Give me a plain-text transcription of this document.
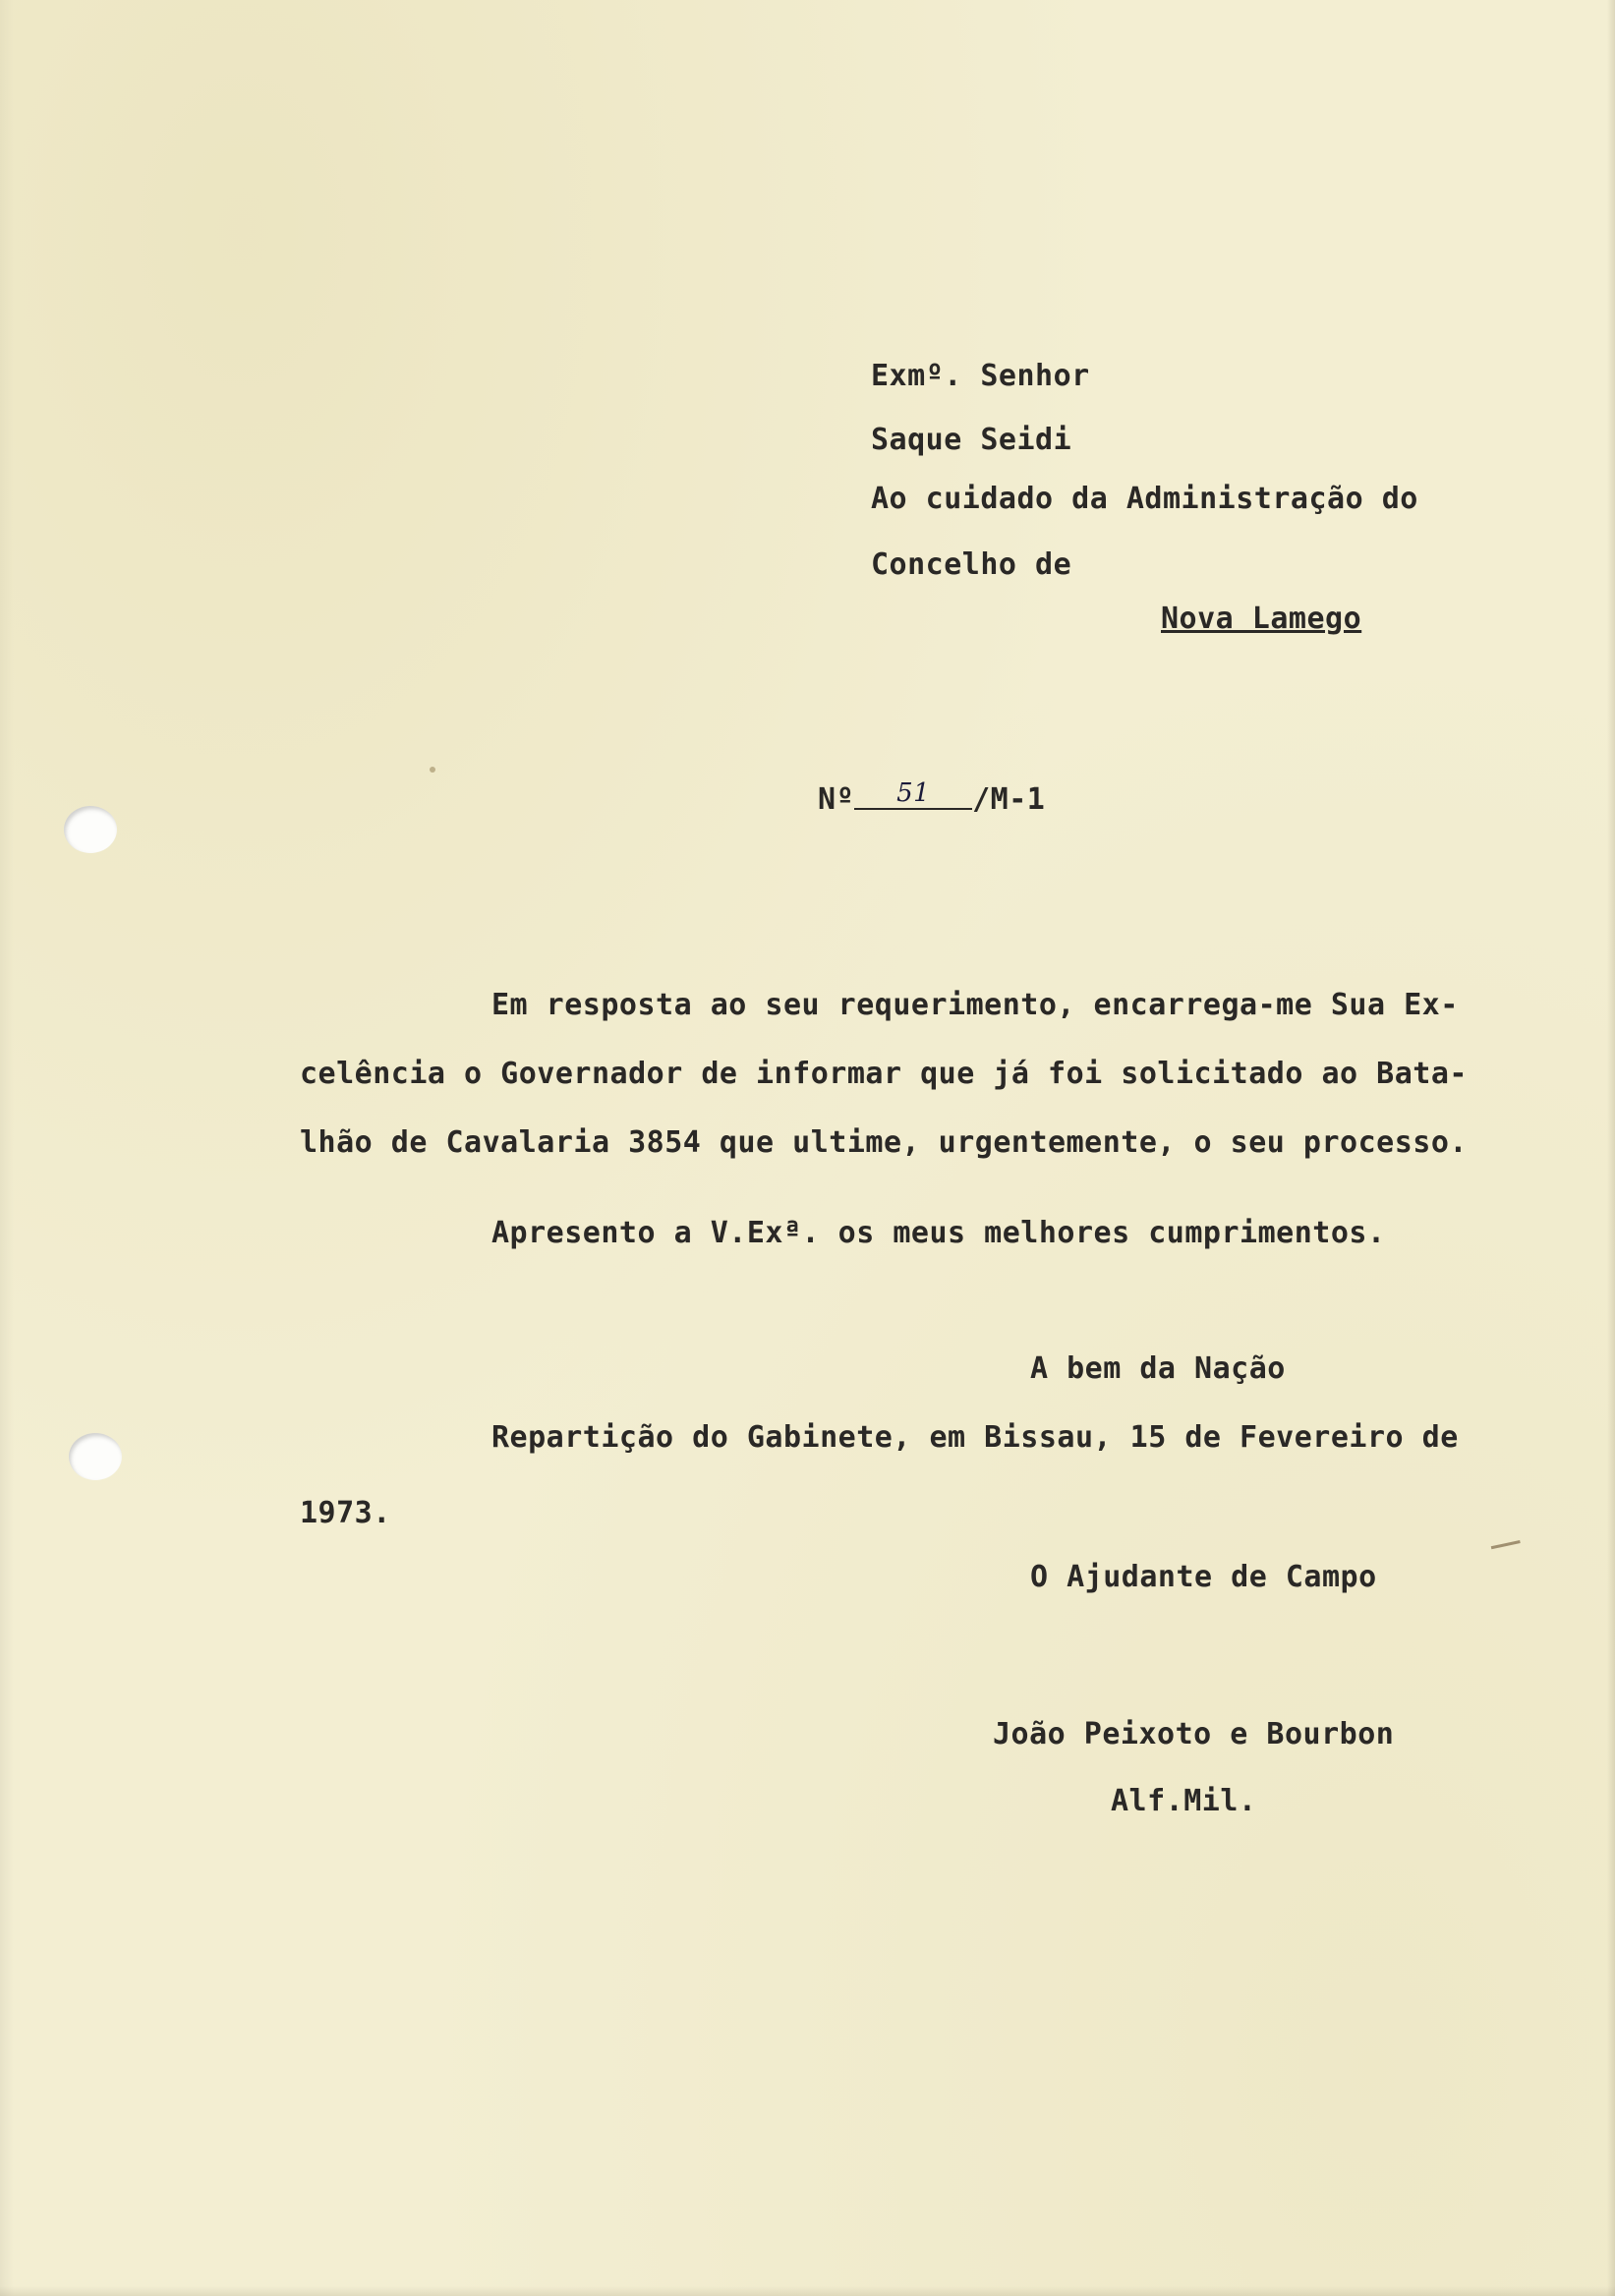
Exmº. Senhor
Saque Seidi
Ao cuidado da Administração do
Concelho de
Nova Lamego
Nº 51 /M-1
Em resposta ao seu requerimento, encarrega-me Sua Ex-
celência o Governador de informar que já foi solicitado ao Bata-
lhão de Cavalaria 3854 que ultime, urgentemente, o seu processo.
Apresento a V.Exª. os meus melhores cumprimentos.
A bem da Nação
Repartição do Gabinete, em Bissau, 15 de Fevereiro de
1973.
O Ajudante de Campo
João Peixoto e Bourbon
Alf.Mil.
